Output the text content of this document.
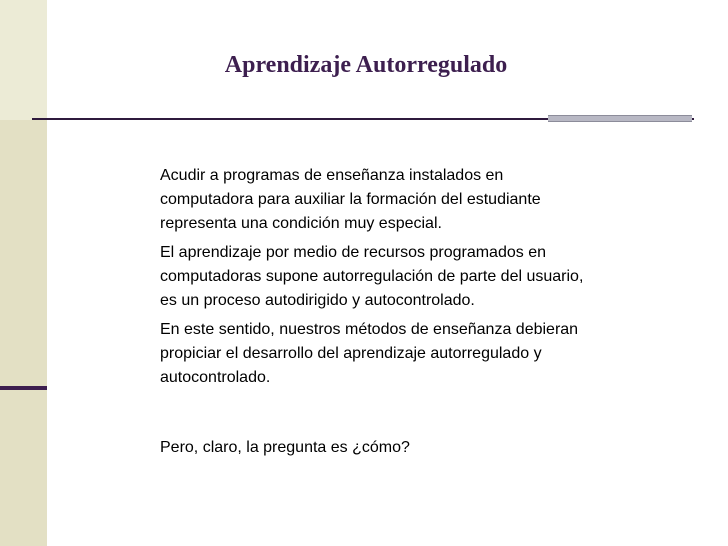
Aprendizaje Autorregulado

Acudir a programas de enseñanza instalados en computadora para auxiliar la formación del estudiante representa una condición muy especial.

El aprendizaje por medio de recursos programados en computadoras supone autorregulación de parte del usuario, es un proceso autodirigido y autocontrolado.

En este sentido, nuestros métodos de enseñanza debieran propiciar el desarrollo del aprendizaje autorregulado y autocontrolado.

Pero, claro, la pregunta es ¿cómo?
